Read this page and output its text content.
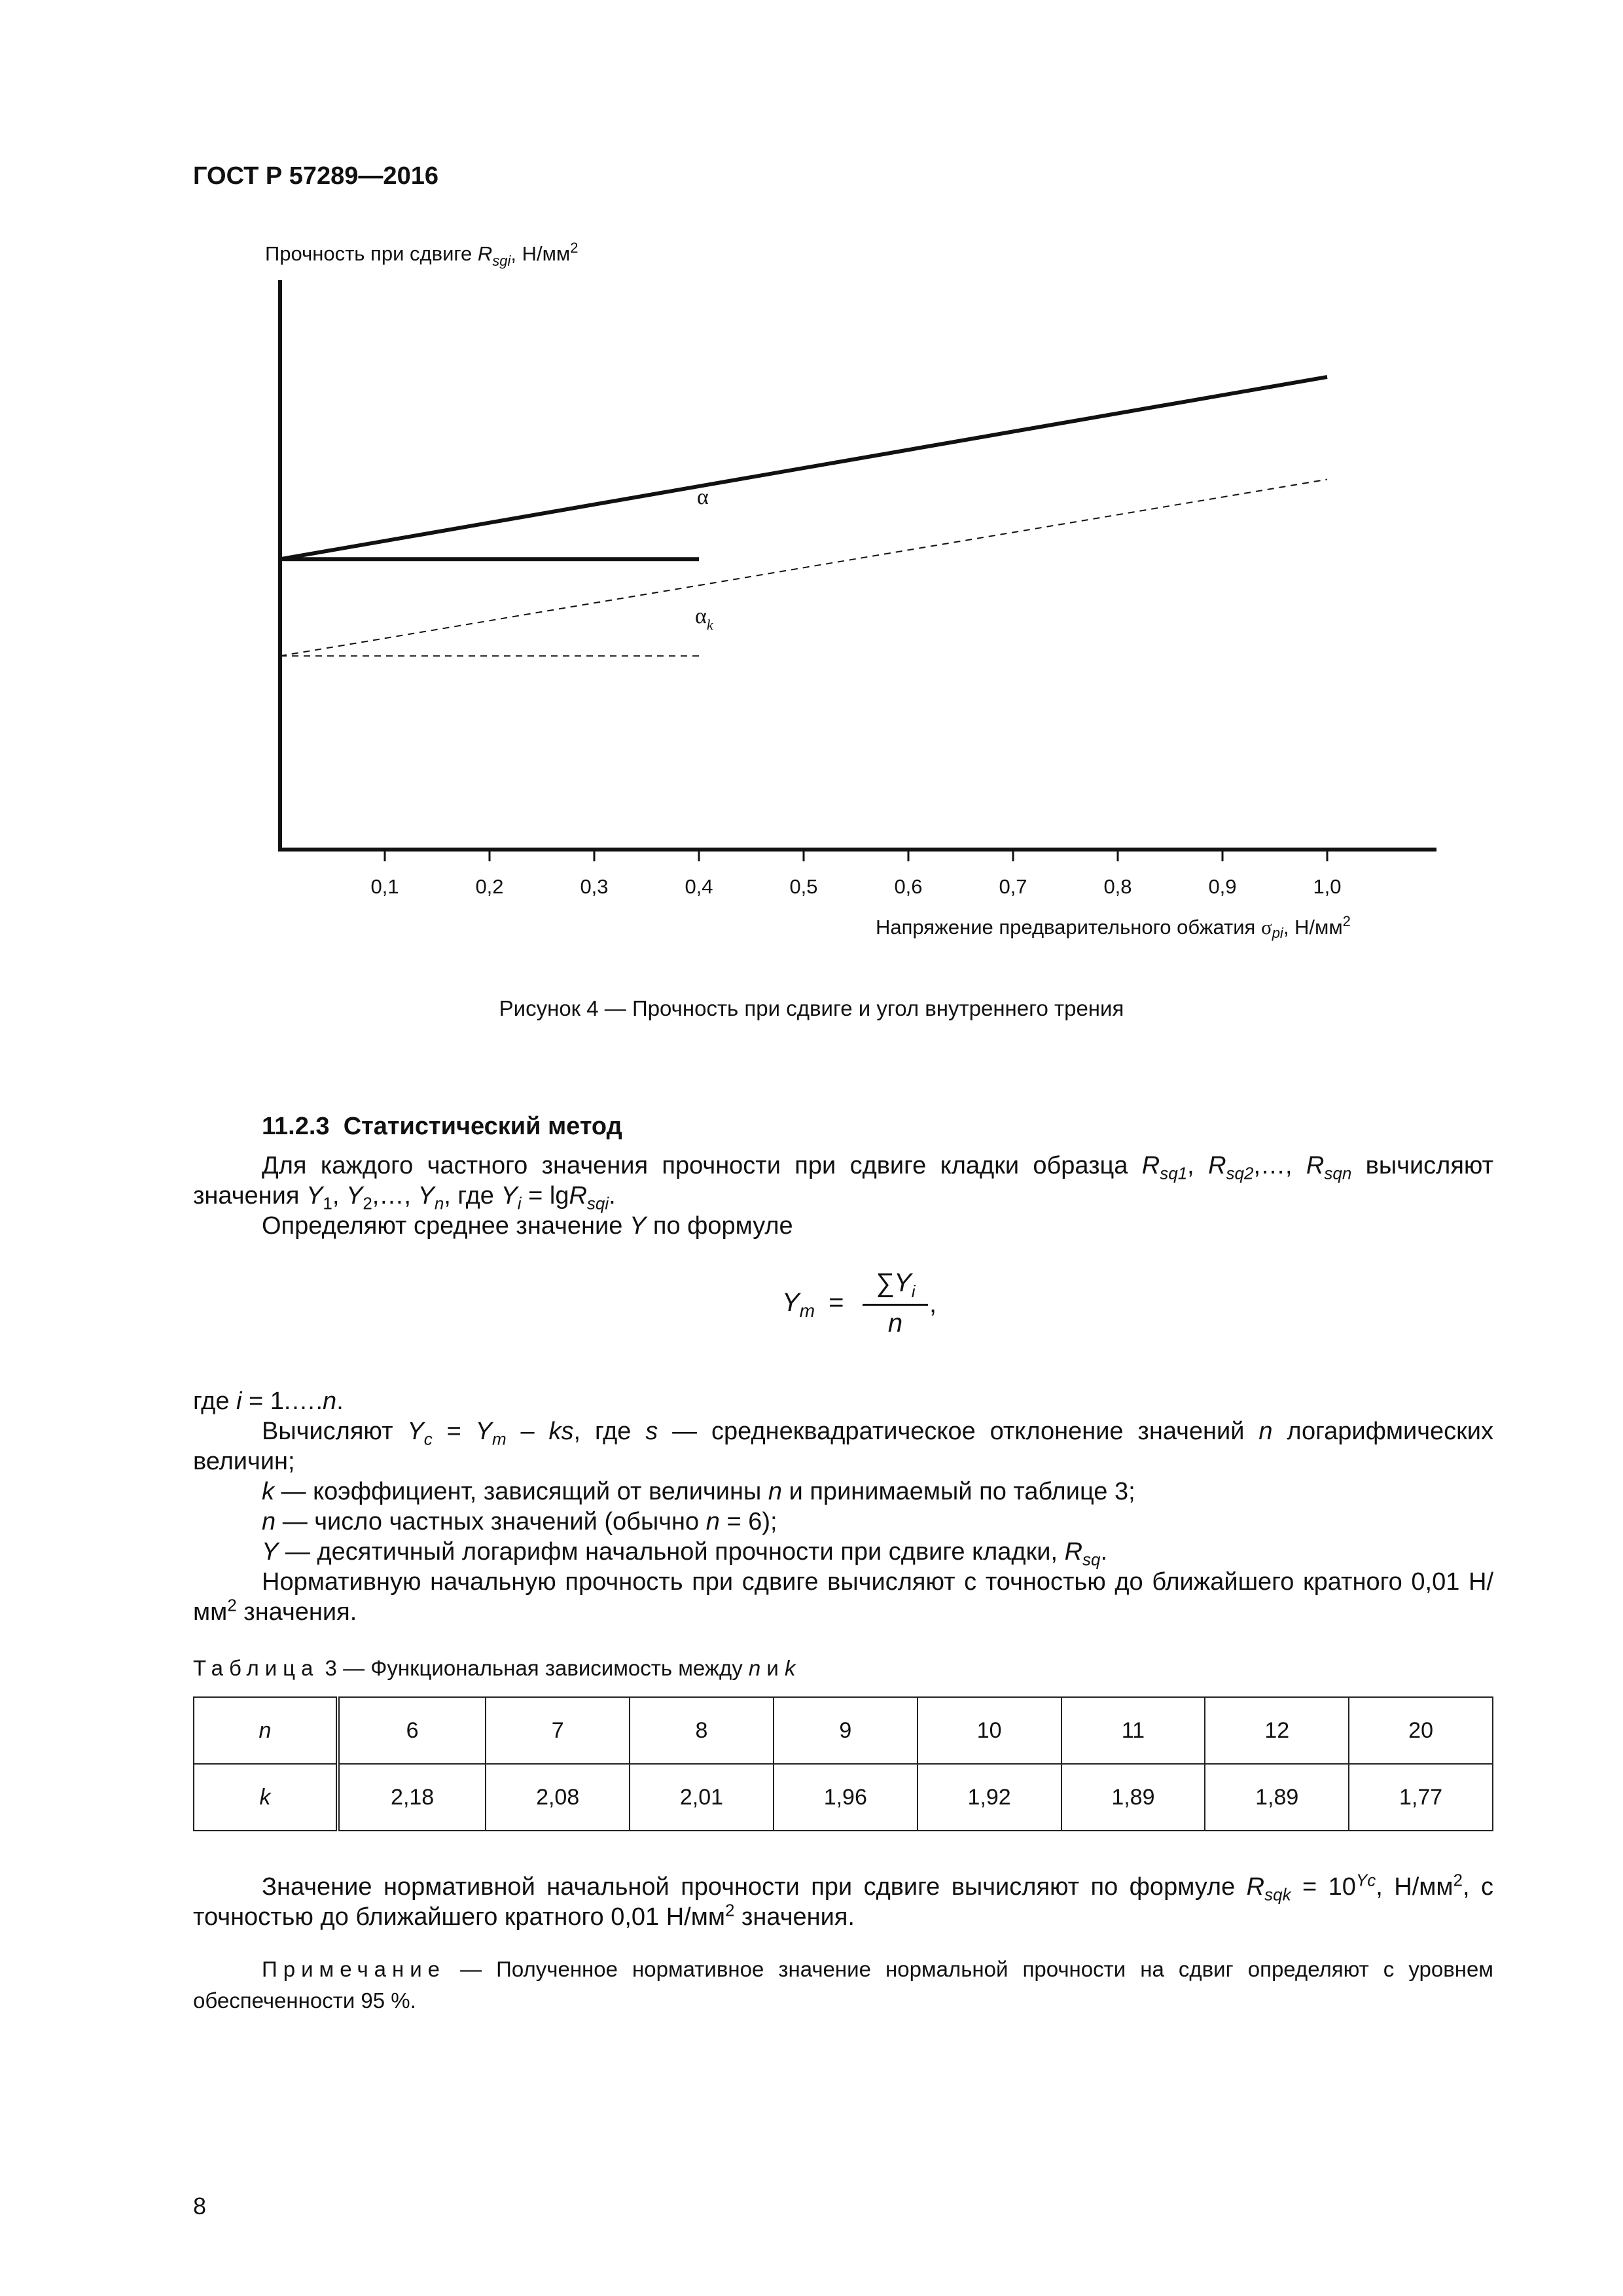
ГОСТ Р 57289—2016
0,1	0,2	0,3	0,4	0,5	0,6	0,7	0,8	0,9	1,0
Прочность при сдвиге $R_{sgi}$, $Н/мм^2$
Напряжение предварительного обжатия σpi, $Н/мм^2$
α
$\alpha_k$
Рисунок 4 — Прочность при сдвиге и угол внутреннего трения
11.2.3 Статистический метод
Для каждого частного значения прочности при сдвиге кладки образца $R_{sq1}$, $R_{sq2},\dots$, $R_{sqn}$ вычисляют значения $Y_1$, $Y_2,\dots$, $Y_n$, где $Y_i = \lg R_{sqi}$.
Определяют среднее значение Y по формуле
$Y_m$ =
$\sum Y_i$
n
,
где i = 1.….n.
Вычисляют $Y_c = Y_m$ – ks, где s — среднеквадратическое отклонение значений n логарифмических величин;
k — коэффициент, зависящий от величины n и принимаемый по таблице 3;
n — число частных значений (обычно n = 6);
Y — десятичный логарифм начальной прочности при сдвиге кладки, $R_{sq}$.
Нормативную начальную прочность при сдвиге вычисляют с точностью до ближайшего кратного 0,01 $Н/мм^2$ значения.
Таблица 3 — Функциональная зависимость между n и k
n	6	7	8	9	10	11	12	20
k	2,18	2,08	2,01	1,96	1,92	1,89	1,89	1,77
Значение нормативной начальной прочности при сдвиге вычисляют по формуле $R_{sqk} = 10^{Yc}$, $Н/мм^2$, с точностью до ближайшего кратного 0,01 $Н/мм^2$ значения.
Примечание — Полученное нормативное значение нормальной прочности на сдвиг определяют с уровнем обеспеченности 95 %.
8
